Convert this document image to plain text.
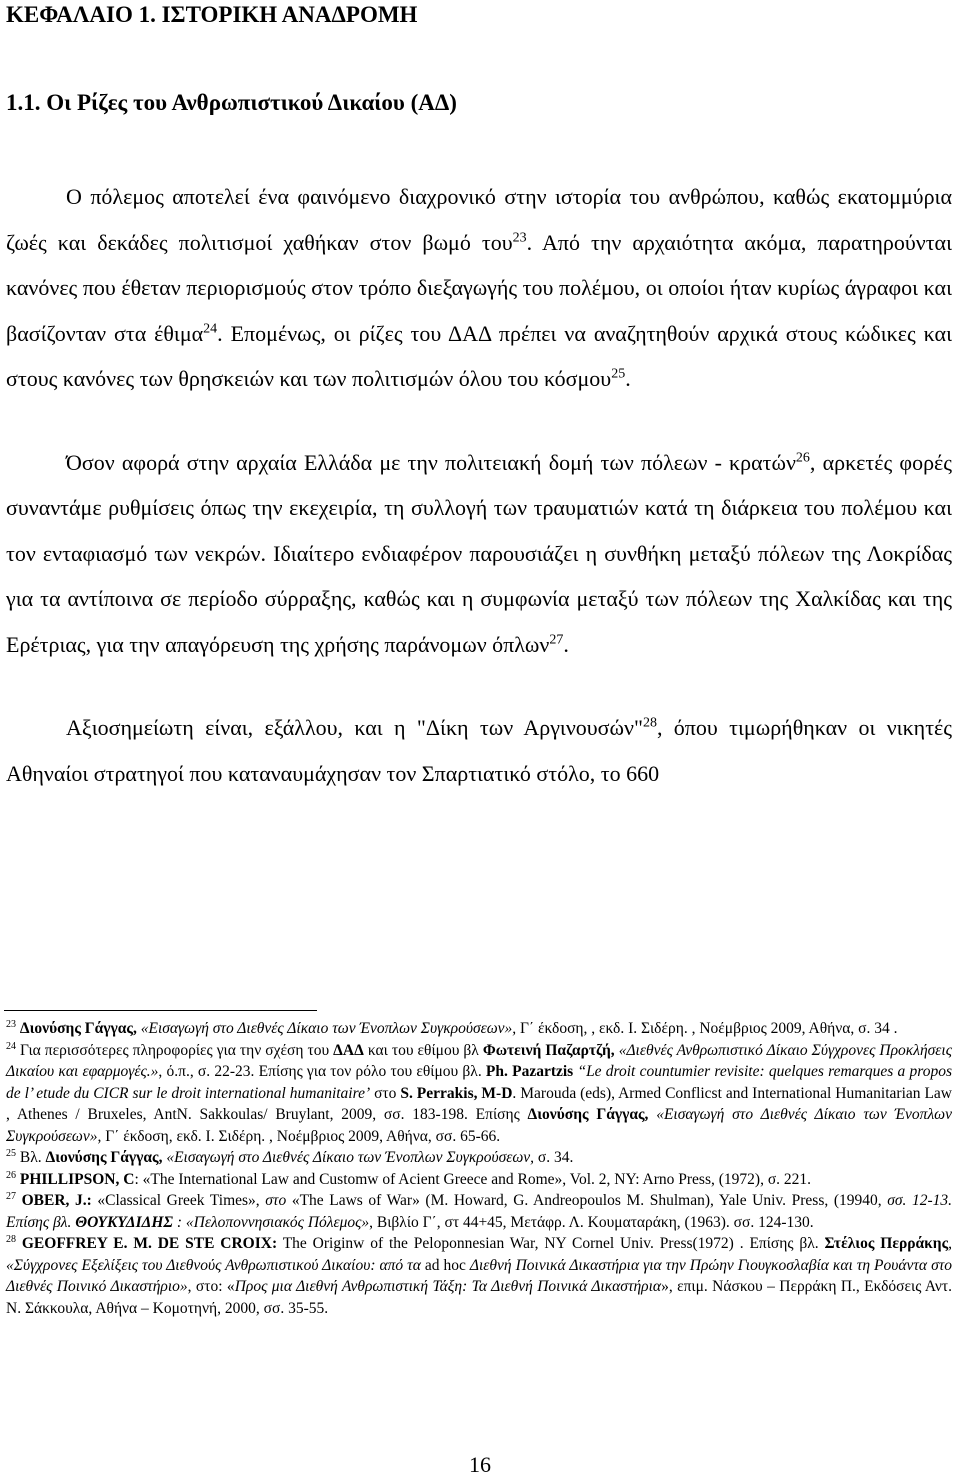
ΚΕΦΑΛΑΙΟ 1. ΙΣΤΟΡΙΚΗ ΑΝΑΔΡΟΜΗ
1.1. Οι Ρίζες του Ανθρωπιστικού Δικαίου (ΑΔ)

Ο πόλεμος αποτελεί ένα φαινόμενο διαχρονικό στην ιστορία του ανθρώπου, καθώς εκατομμύρια ζωές και δεκάδες πολιτισμοί χαθήκαν στον βωμό του$^{23}$. Από την αρχαιότητα ακόμα, παρατηρούνται κανόνες που έθεταν περιορισμούς στον τρόπο διεξαγωγής του πολέμου, οι οποίοι ήταν κυρίως άγραφοι και βασίζονταν στα έθιμα$^{24}$. Επομένως, οι ρίζες του ΔΑΔ πρέπει να αναζητηθούν αρχικά στους κώδικες και στους κανόνες των θρησκειών και των πολιτισμών όλου του κόσμου$^{25}$.

Όσον αφορά στην αρχαία Ελλάδα με την πολιτειακή δομή των πόλεων - κρατών$^{26}$, αρκετές φορές συναντάμε ρυθμίσεις όπως την εκεχειρία, τη συλλογή των τραυματιών κατά τη διάρκεια του πολέμου και τον ενταφιασμό των νεκρών. Ιδιαίτερο ενδιαφέρον παρουσιάζει η συνθήκη μεταξύ πόλεων της Λοκρίδας για τα αντίποινα σε περίοδο σύρραξης, καθώς και η συμφωνία μεταξύ των πόλεων της Χαλκίδας και της Ερέτριας, για την απαγόρευση της χρήσης παράνομων όπλων$^{27}$.

Αξιοσημείωτη είναι, εξάλλου, και η "Δίκη των Αργινουσών"$^{28}$, όπου τιμωρήθηκαν οι νικητές Αθηναίοι στρατηγοί που καταναυμάχησαν τον Σπαρτιατικό στόλο, το 660

$^{23}$ Διονύσης Γάγγας, «Εισαγωγή στο Διεθνές Δίκαιο των Ένοπλων Συγκρούσεων», Γ΄ έκδοση, , εκδ. Ι. Σιδέρη. , Νοέμβριος 2009, Αθήνα, σ. 34 .

$^{24}$ Για περισσότερες πληροφορίες για την σχέση του ΔΑΔ και του εθίμου βλ Φωτεινή Παζαρτζή, «Διεθνές Ανθρωπιστικό Δίκαιο Σύγχρονες Προκλήσεις Δικαίου και εφαρμογές.», ό.π., σ. 22-23. Επίσης για τον ρόλο του εθίμου βλ. Ph. Pazartzis “Le droit countumier revisite: quelques remarques a propos de l’ etude du CICR sur le droit international humanitaire’ στο S. Perrakis, M-D. Marouda (eds), Armed Conflicst and International Humanitarian Law , Athenes / Bruxeles, AntN. Sakkoulas/ Bruylant, 2009, σσ. 183-198. Επίσης Διονύσης Γάγγας, «Εισαγωγή στο Διεθνές Δίκαιο των Ένοπλων Συγκρούσεων», Γ΄ έκδοση, εκδ. Ι. Σιδέρη. , Νοέμβριος 2009, Αθήνα, σσ. 65-66.

$^{25}$ Βλ. Διονύσης Γάγγας, «Εισαγωγή στο Διεθνές Δίκαιο των Ένοπλων Συγκρούσεων, σ. 34.

$^{26}$ PHILLIPSON, C: «The International Law and Customw of Acient Greece and Rome», Vol. 2, NY: Arno Press, (1972), σ. 221.

$^{27}$ OBER, J.: «Classical Greek Times», στο «The Laws of War» (M. Howard, G. Andreopoulos M. Shulman), Yale Univ. Press, (19940, σσ. 12-13. Επίσης βλ. ΘΟΥΚΥΔΙΔΗΣ : «Πελοποννησιακός Πόλεμος», Βιβλίο Γ΄, στ 44+45, Μετάφρ. Λ. Κουματαράκη, (1963). σσ. 124-130.

$^{28}$ GEOFFREY E. M. DE STE CROIX: The Originw of the Peloponnesian War, NY Cornel Univ. Press(1972) . Επίσης βλ. Στέλιος Περράκης, «Σύγχρονες Εξελίξεις του Διεθνούς Ανθρωπιστικού Δικαίου: από τα ad hoc Διεθνή Ποινικά Δικαστήρια για την Πρώην Γιουγκοσλαβία και τη Ρουάντα στο Διεθνές Ποινικό Δικαστήριο», στο: «Προς μια Διεθνή Ανθρωπιστική Τάξη: Τα Διεθνή Ποινικά Δικαστήρια», επιμ. Νάσκου – Περράκη Π., Εκδόσεις Αντ. Ν. Σάκκουλα, Αθήνα – Κομοτηνή, 2000, σσ. 35-55.

16
